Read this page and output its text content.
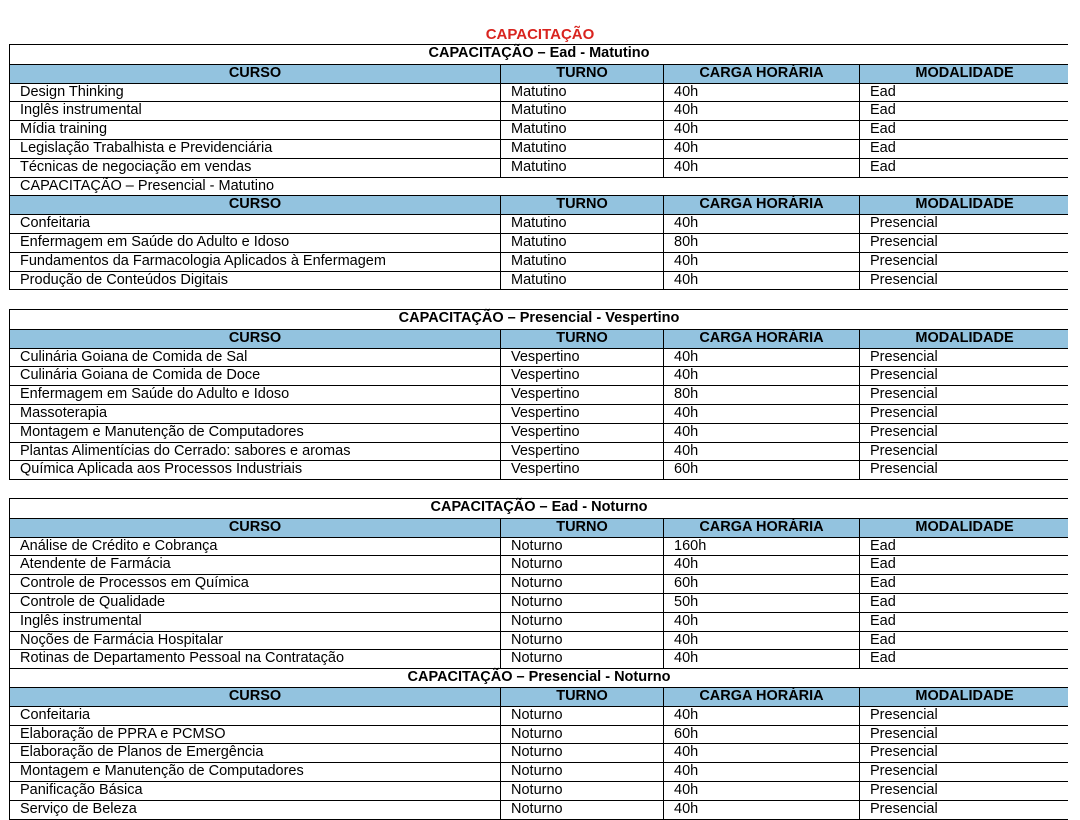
CAPACITAÇÃO
CAPACITAÇÃO – Ead - Matutino
CURSO	TURNO	CARGA HORÁRIA	MODALIDADE
Design Thinking	Matutino	40h	Ead
Inglês instrumental	Matutino	40h	Ead
Mídia training	Matutino	40h	Ead
Legislação Trabalhista e Previdenciária	Matutino	40h	Ead
Técnicas de negociação em vendas	Matutino	40h	Ead
CAPACITAÇÃO – Presencial - Matutino
CURSO	TURNO	CARGA HORÁRIA	MODALIDADE
Confeitaria	Matutino	40h	Presencial
Enfermagem em Saúde do Adulto e Idoso	Matutino	80h	Presencial
Fundamentos da Farmacologia Aplicados à Enfermagem	Matutino	40h	Presencial
Produção de Conteúdos Digitais	Matutino	40h	Presencial
CAPACITAÇÃO – Presencial - Vespertino
CURSO	TURNO	CARGA HORÁRIA	MODALIDADE
Culinária Goiana de Comida de Sal	Vespertino	40h	Presencial
Culinária Goiana de Comida de Doce	Vespertino	40h	Presencial
Enfermagem em Saúde do Adulto e Idoso	Vespertino	80h	Presencial
Massoterapia	Vespertino	40h	Presencial
Montagem e Manutenção de Computadores	Vespertino	40h	Presencial
Plantas Alimentícias do Cerrado: sabores e aromas	Vespertino	40h	Presencial
Química Aplicada aos Processos Industriais	Vespertino	60h	Presencial
CAPACITAÇÃO – Ead - Noturno
CURSO	TURNO	CARGA HORÁRIA	MODALIDADE
Análise de Crédito e Cobrança	Noturno	160h	Ead
Atendente de Farmácia	Noturno	40h	Ead
Controle de Processos em Química	Noturno	60h	Ead
Controle de Qualidade	Noturno	50h	Ead
Inglês instrumental	Noturno	40h	Ead
Noções de Farmácia Hospitalar	Noturno	40h	Ead
Rotinas de Departamento Pessoal na Contratação	Noturno	40h	Ead
CAPACITAÇÃO – Presencial - Noturno
CURSO	TURNO	CARGA HORÁRIA	MODALIDADE
Confeitaria	Noturno	40h	Presencial
Elaboração de PPRA e PCMSO	Noturno	60h	Presencial
Elaboração de Planos de Emergência	Noturno	40h	Presencial
Montagem e Manutenção de Computadores	Noturno	40h	Presencial
Panificação Básica	Noturno	40h	Presencial
Serviço de Beleza	Noturno	40h	Presencial
